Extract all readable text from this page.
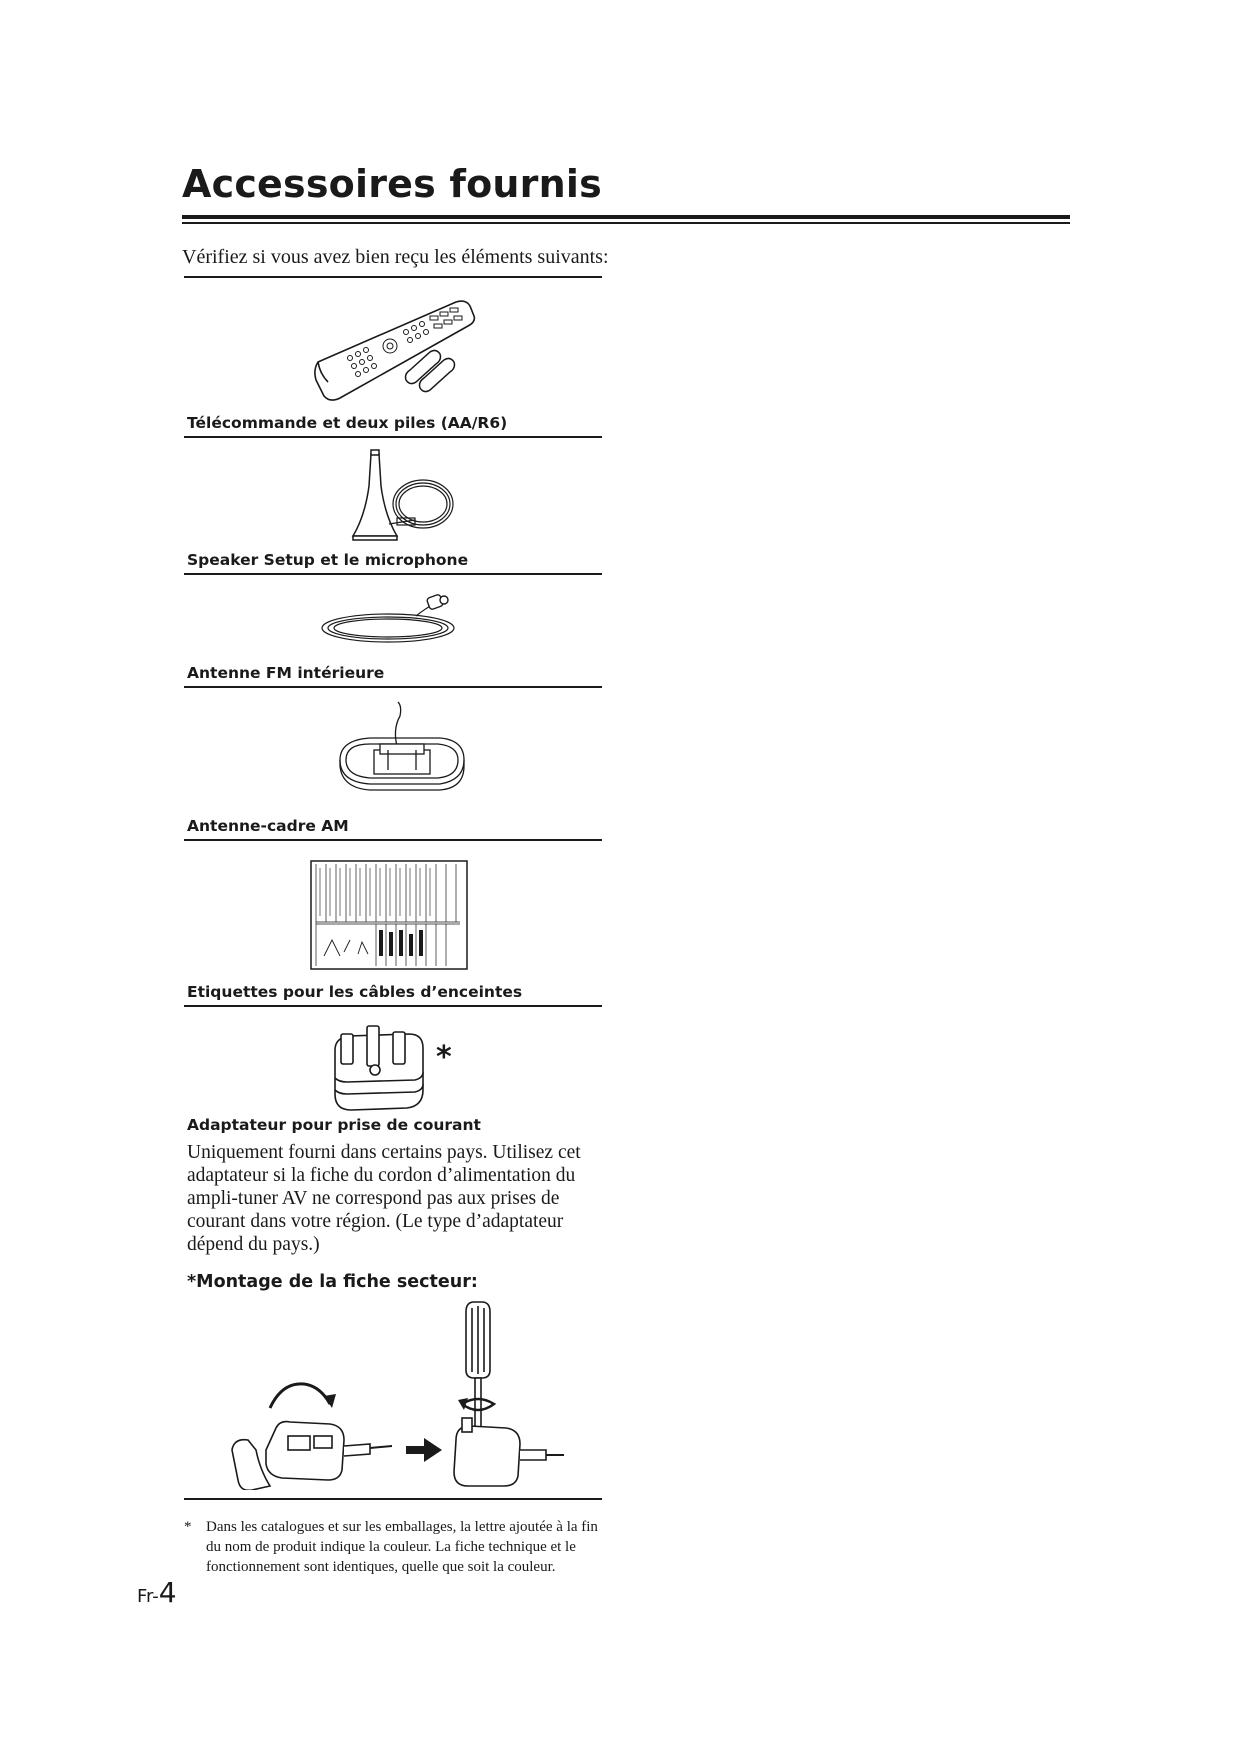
Accessoires fournis
Vérifiez si vous avez bien reçu les éléments suivants:
Télécommande et deux piles (AA/R6)
Speaker Setup et le microphone
Antenne FM intérieure
Antenne-cadre AM
Etiquettes pour les câbles d’enceintes
*
Adaptateur pour prise de courant

Uniquement fourni dans certains pays. Utilisez cet adaptateur si la fiche du cordon d’alimentation du ampli-tuner AV ne correspond pas aux prises de courant dans votre région. (Le type d’adaptateur dépend du pays.)

*Montage de la fiche secteur:
* Dans les catalogues et sur les emballages, la lettre ajoutée à la fin du nom de produit indique la couleur. La fiche technique et le fonctionnement sont identiques, quelle que soit la couleur.
Fr-4
